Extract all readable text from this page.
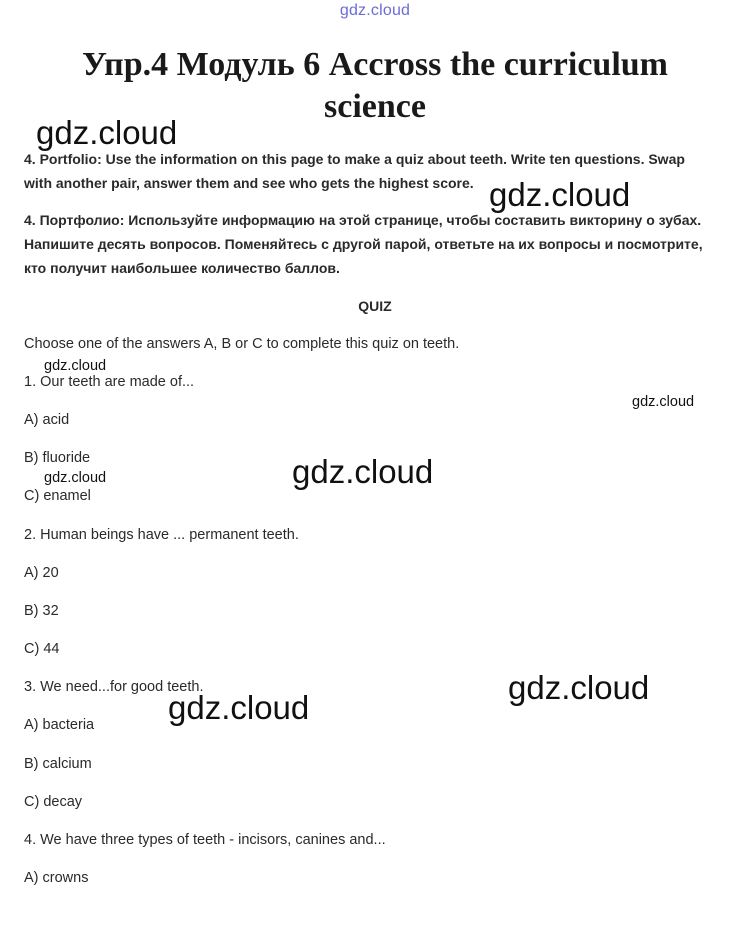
gdz.cloud
Упр.4 Модуль 6 Accross the curriculum
science
4. Portfolio: Use the information on this page to make a quiz about teeth. Write ten questions. Swap
with another pair, answer them and see who gets the highest score.
4. Портфолио: Используйте информацию на этой странице, чтобы составить викторину о зубах.
Напишите десять вопросов. Поменяйтесь с другой парой, ответьте на их вопросы и посмотрите,
кто получит наибольшее количество баллов.
QUIZ
Choose one of the answers A, B or C to complete this quiz on teeth.
1. Our teeth are made of...
A) acid
B) fluoride
C) enamel
2. Human beings have ... permanent teeth.
A) 20
B) 32
C) 44
3. We need...for good teeth.
A) bacteria
B) calcium
C) decay
4. We have three types of teeth - incisors, canines and...
A) crowns
gdz.cloud
gdz.cloud
gdz.cloud
gdz.cloud
gdz.cloud
gdz.cloud
gdz.cloud
gdz.cloud
